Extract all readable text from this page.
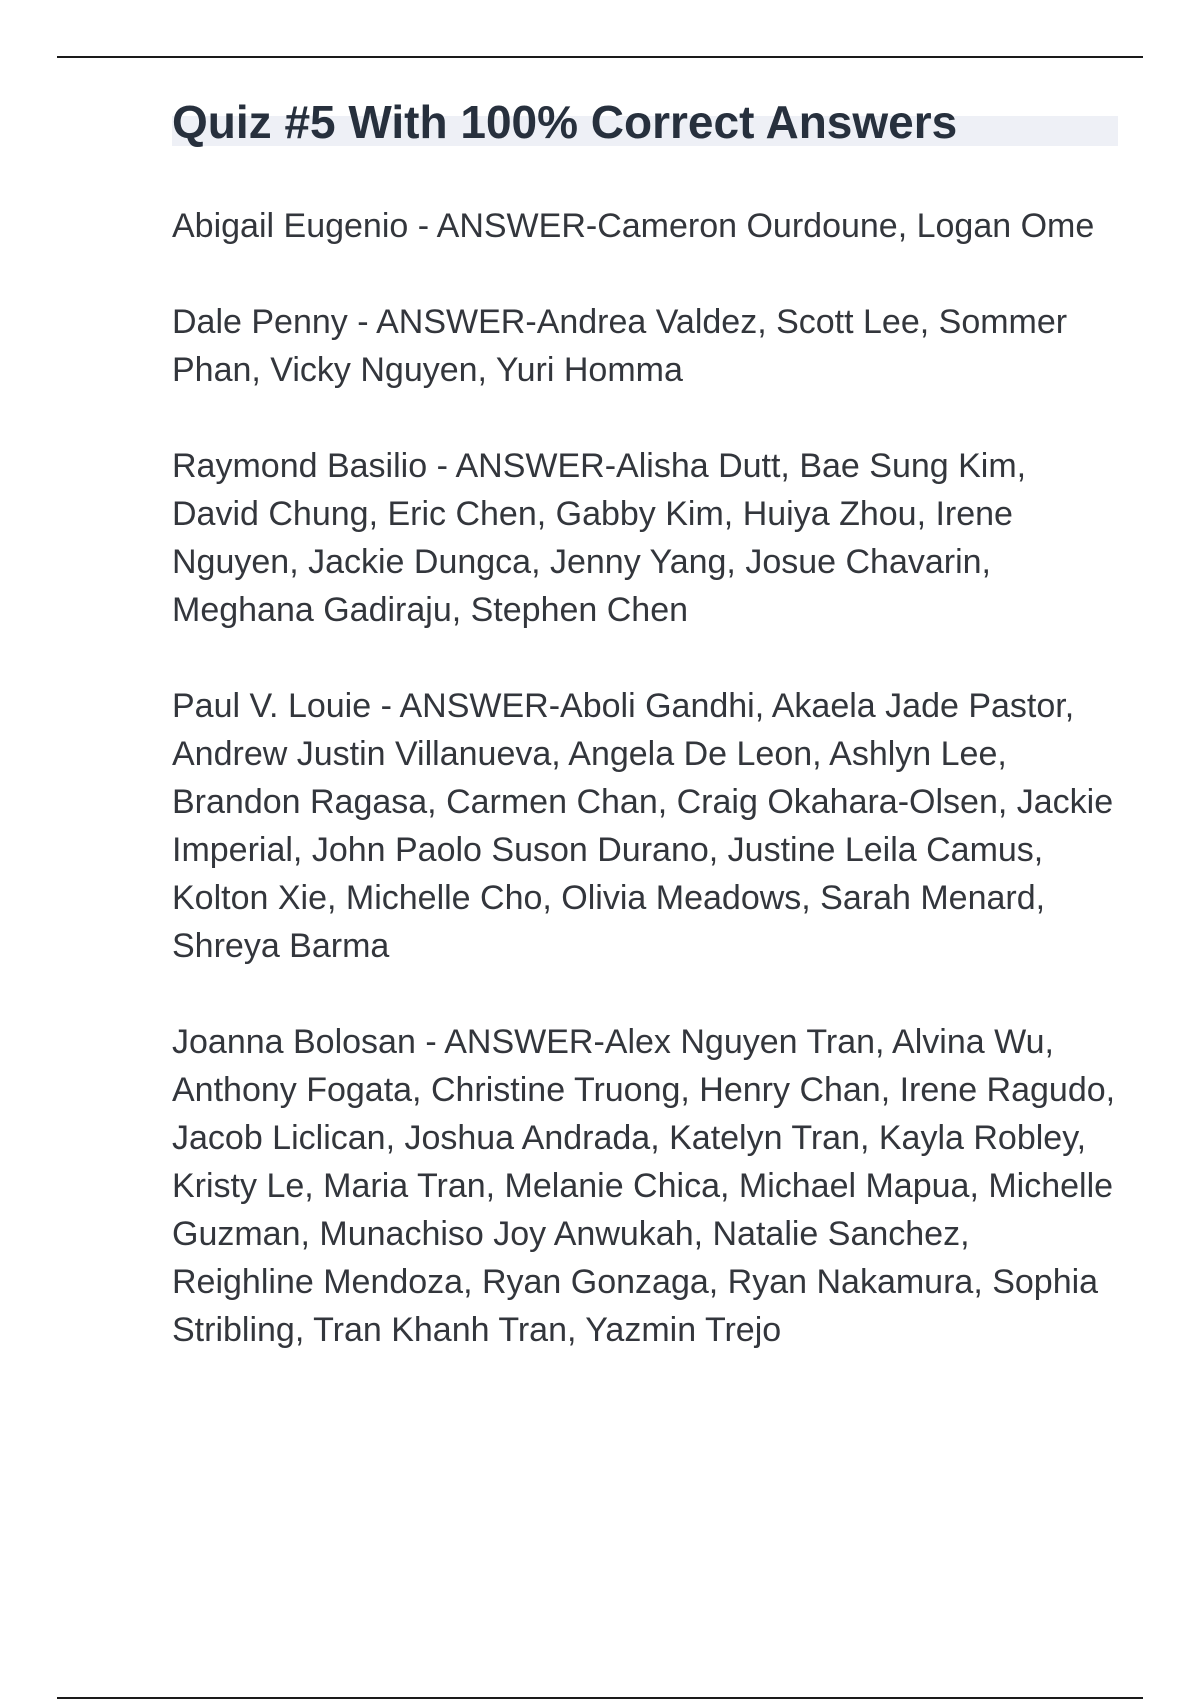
Quiz #5 With 100% Correct Answers

Abigail Eugenio - ANSWER-Cameron Ourdoune, Logan Ome

Dale Penny - ANSWER-Andrea Valdez, Scott Lee, Sommer Phan, Vicky Nguyen, Yuri Homma

Raymond Basilio - ANSWER-Alisha Dutt, Bae Sung Kim, David Chung, Eric Chen, Gabby Kim, Huiya Zhou, Irene Nguyen, Jackie Dungca, Jenny Yang, Josue Chavarin, Meghana Gadiraju, Stephen Chen

Paul V. Louie - ANSWER-Aboli Gandhi, Akaela Jade Pastor, Andrew Justin Villanueva, Angela De Leon, Ashlyn Lee, Brandon Ragasa, Carmen Chan, Craig Okahara-Olsen, Jackie Imperial, John Paolo Suson Durano, Justine Leila Camus, Kolton Xie, Michelle Cho, Olivia Meadows, Sarah Menard, Shreya Barma

Joanna Bolosan - ANSWER-Alex Nguyen Tran, Alvina Wu, Anthony Fogata, Christine Truong, Henry Chan, Irene Ragudo, Jacob Liclican, Joshua Andrada, Katelyn Tran, Kayla Robley, Kristy Le, Maria Tran, Melanie Chica, Michael Mapua, Michelle Guzman, Munachiso Joy Anwukah, Natalie Sanchez, Reighline Mendoza, Ryan Gonzaga, Ryan Nakamura, Sophia Stribling, Tran Khanh Tran, Yazmin Trejo
